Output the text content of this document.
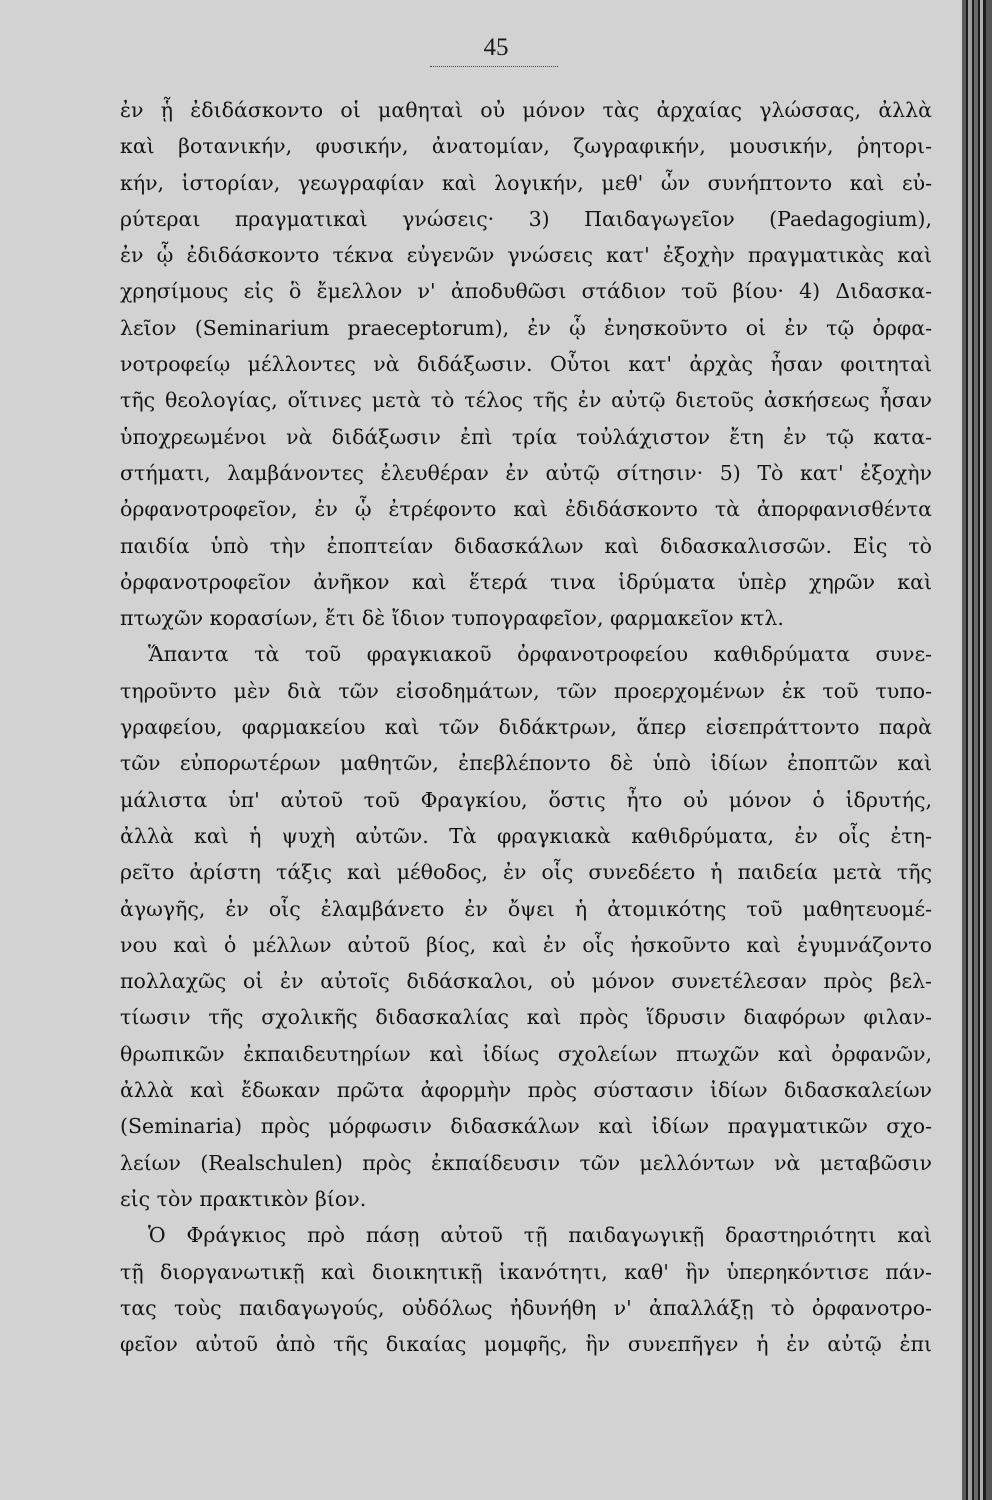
45
ἐν ᾗ ἐδιδάσκοντο οἱ μαθηταὶ οὐ μόνον τὰς ἀρχαίας γλώσσας, ἀλλὰ
καὶ βοτανικήν, φυσικήν, ἀνατομίαν, ζωγραφικήν, μουσικήν, ῥητορι-
κήν, ἱστορίαν, γεωγραφίαν καὶ λογικήν, μεθ' ὧν συνήπτοντο καὶ εὐ-
ρύτεραι πραγματικαὶ γνώσεις· 3) Παιδαγωγεῖον (Paedagogium),
ἐν ᾧ ἐδιδάσκοντο τέκνα εὐγενῶν γνώσεις κατ' ἐξοχὴν πραγματικὰς καὶ
χρησίμους εἰς ὃ ἔμελλον ν' ἀποδυθῶσι στάδιον τοῦ βίου· 4) Διδασκα-
λεῖον (Seminarium praeceptorum), ἐν ᾧ ἐνησκοῦντο οἱ ἐν τῷ ὀρφα-
νοτροφείῳ μέλλοντες νὰ διδάξωσιν. Οὗτοι κατ' ἀρχὰς ἦσαν φοιτηταὶ
τῆς θεολογίας, οἵτινες μετὰ τὸ τέλος τῆς ἐν αὐτῷ διετοῦς ἀσκήσεως ἦσαν
ὑποχρεωμένοι νὰ διδάξωσιν ἐπὶ τρία τοὐλάχιστον ἔτη ἐν τῷ κατα-
στήματι, λαμβάνοντες ἐλευθέραν ἐν αὐτῷ σίτησιν· 5) Τὸ κατ' ἐξοχὴν
ὀρφανοτροφεῖον, ἐν ᾧ ἐτρέφοντο καὶ ἐδιδάσκοντο τὰ ἀπορφανισθέντα
παιδία ὑπὸ τὴν ἐποπτείαν διδασκάλων καὶ διδασκαλισσῶν. Εἰς τὸ
ὀρφανοτροφεῖον ἀνῆκον καὶ ἕτερά τινα ἱδρύματα ὑπὲρ χηρῶν καὶ
πτωχῶν κορασίων, ἔτι δὲ ἴδιον τυπογραφεῖον, φαρμακεῖον κτλ.
Ἅπαντα τὰ τοῦ φραγκιακοῦ ὀρφανοτροφείου καθιδρύματα συνε-
τηροῦντο μὲν διὰ τῶν εἰσοδημάτων, τῶν προερχομένων ἐκ τοῦ τυπο-
γραφείου, φαρμακείου καὶ τῶν διδάκτρων, ἅπερ εἰσεπράττοντο παρὰ
τῶν εὐπορωτέρων μαθητῶν, ἐπεβλέποντο δὲ ὑπὸ ἰδίων ἐποπτῶν καὶ
μάλιστα ὑπ' αὐτοῦ τοῦ Φραγκίου, ὅστις ἦτο οὐ μόνον ὁ ἱδρυτής,
ἀλλὰ καὶ ἡ ψυχὴ αὐτῶν. Τὰ φραγκιακὰ καθιδρύματα, ἐν οἷς ἐτη-
ρεῖτο ἀρίστη τάξις καὶ μέθοδος, ἐν οἷς συνεδέετο ἡ παιδεία μετὰ τῆς
ἀγωγῆς, ἐν οἷς ἐλαμβάνετο ἐν ὄψει ἡ ἀτομικότης τοῦ μαθητευομέ-
νου καὶ ὁ μέλλων αὐτοῦ βίος, καὶ ἐν οἷς ἠσκοῦντο καὶ ἐγυμνάζοντο
πολλαχῶς οἱ ἐν αὐτοῖς διδάσκαλοι, οὐ μόνον συνετέλεσαν πρὸς βελ-
τίωσιν τῆς σχολικῆς διδασκαλίας καὶ πρὸς ἵδρυσιν διαφόρων φιλαν-
θρωπικῶν ἐκπαιδευτηρίων καὶ ἰδίως σχολείων πτωχῶν καὶ ὀρφανῶν,
ἀλλὰ καὶ ἔδωκαν πρῶτα ἀφορμὴν πρὸς σύστασιν ἰδίων διδασκαλείων
(Seminaria) πρὸς μόρφωσιν διδασκάλων καὶ ἰδίων πραγματικῶν σχο-
λείων (Realschulen) πρὸς ἐκπαίδευσιν τῶν μελλόντων νὰ μεταβῶσιν
εἰς τὸν πρακτικὸν βίον.
Ὁ Φράγκιος πρὸ πάσῃ αὐτοῦ τῇ παιδαγωγικῇ δραστηριότητι καὶ
τῇ διοργανωτικῇ καὶ διοικητικῇ ἱκανότητι, καθ' ἣν ὑπερηκόντισε πάν-
τας τοὺς παιδαγωγούς, οὐδόλως ἠδυνήθη ν' ἀπαλλάξῃ τὸ ὀρφανοτρο-
φεῖον αὐτοῦ ἀπὸ τῆς δικαίας μομφῆς, ἣν συνεπῆγεν ἡ ἐν αὐτῷ ἐπι
